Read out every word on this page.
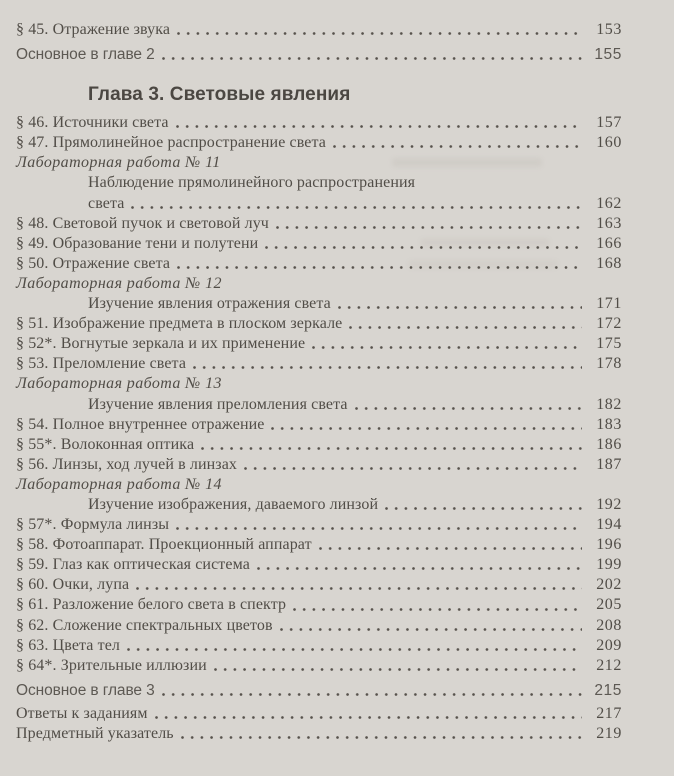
§ 45. Отражение звука	153
Основное в главе 2	155
Глава 3. Световые явления
§ 46. Источники света	157
§ 47. Прямолинейное распространение света	160
Лабораторная работа № 11
Наблюдение прямолинейного распространения
света	162
§ 48. Световой пучок и световой луч	163
§ 49. Образование тени и полутени	166
§ 50. Отражение света	168
Лабораторная работа № 12
Изучение явления отражения света	171
§ 51. Изображение предмета в плоском зеркале	172
§ 52*. Вогнутые зеркала и их применение	175
§ 53. Преломление света	178
Лабораторная работа № 13
Изучение явления преломления света	182
§ 54. Полное внутреннее отражение	183
§ 55*. Волоконная оптика	186
§ 56. Линзы, ход лучей в линзах	187
Лабораторная работа № 14
Изучение изображения, даваемого линзой	192
§ 57*. Формула линзы	194
§ 58. Фотоаппарат. Проекционный аппарат	196
§ 59. Глаз как оптическая система	199
§ 60. Очки, лупа	202
§ 61. Разложение белого света в спектр	205
§ 62. Сложение спектральных цветов	208
§ 63. Цвета тел	209
§ 64*. Зрительные иллюзии	212
Основное в главе 3	215
Ответы к заданиям	217
Предметный указатель	219
